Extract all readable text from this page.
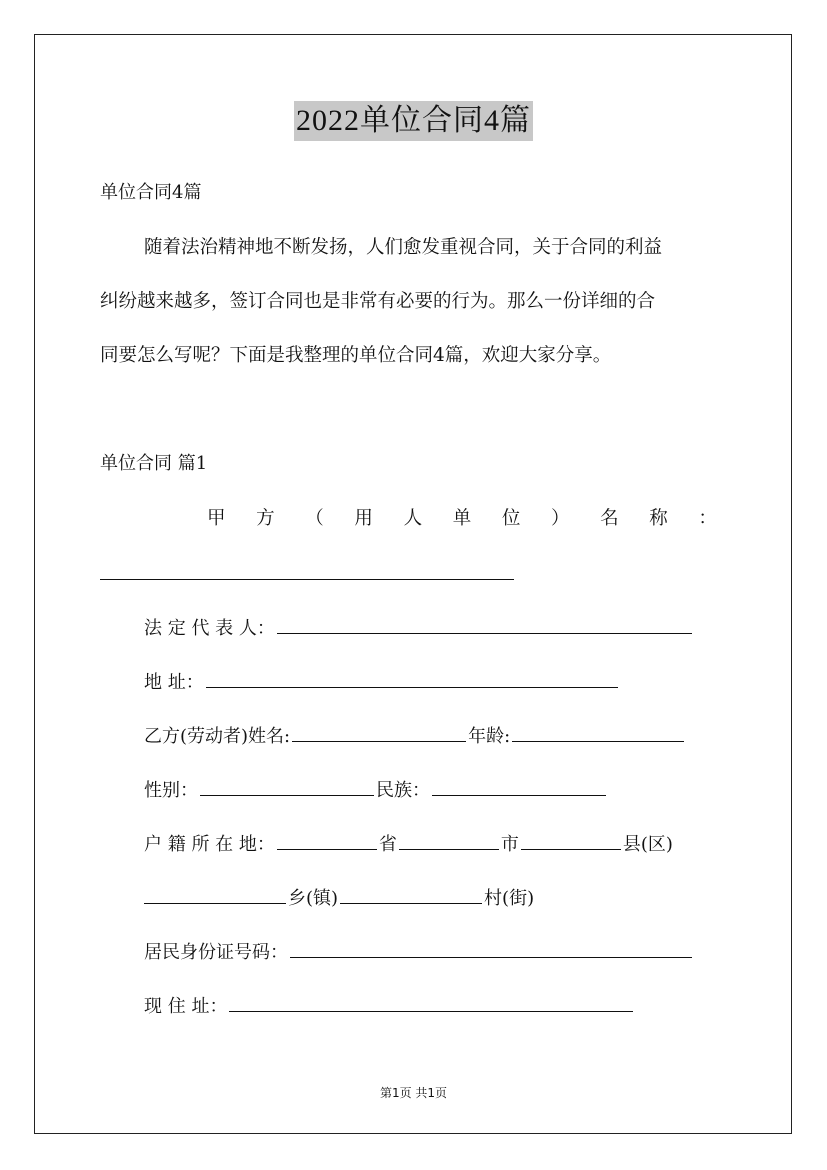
2022单位合同4篇
单位合同4篇
随着法治精神地不断发扬，人们愈发重视合同，关于合同的利益
纠纷越来越多，签订合同也是非常有必要的行为。那么一份详细的合
同要怎么写呢？下面是我整理的单位合同4篇，欢迎大家分享。
单位合同 篇1
甲 方 （ 用 人 单 位 ） 名 称 ：
法 定 代 表 人：
地 址：
乙方(劳动者)姓名:	年龄:
性别：	民族：
户 籍 所 在 地：	省	市	县(区)
乡(镇)	村(街)
居民身份证号码：
现 住 址：
第1页 共1页
